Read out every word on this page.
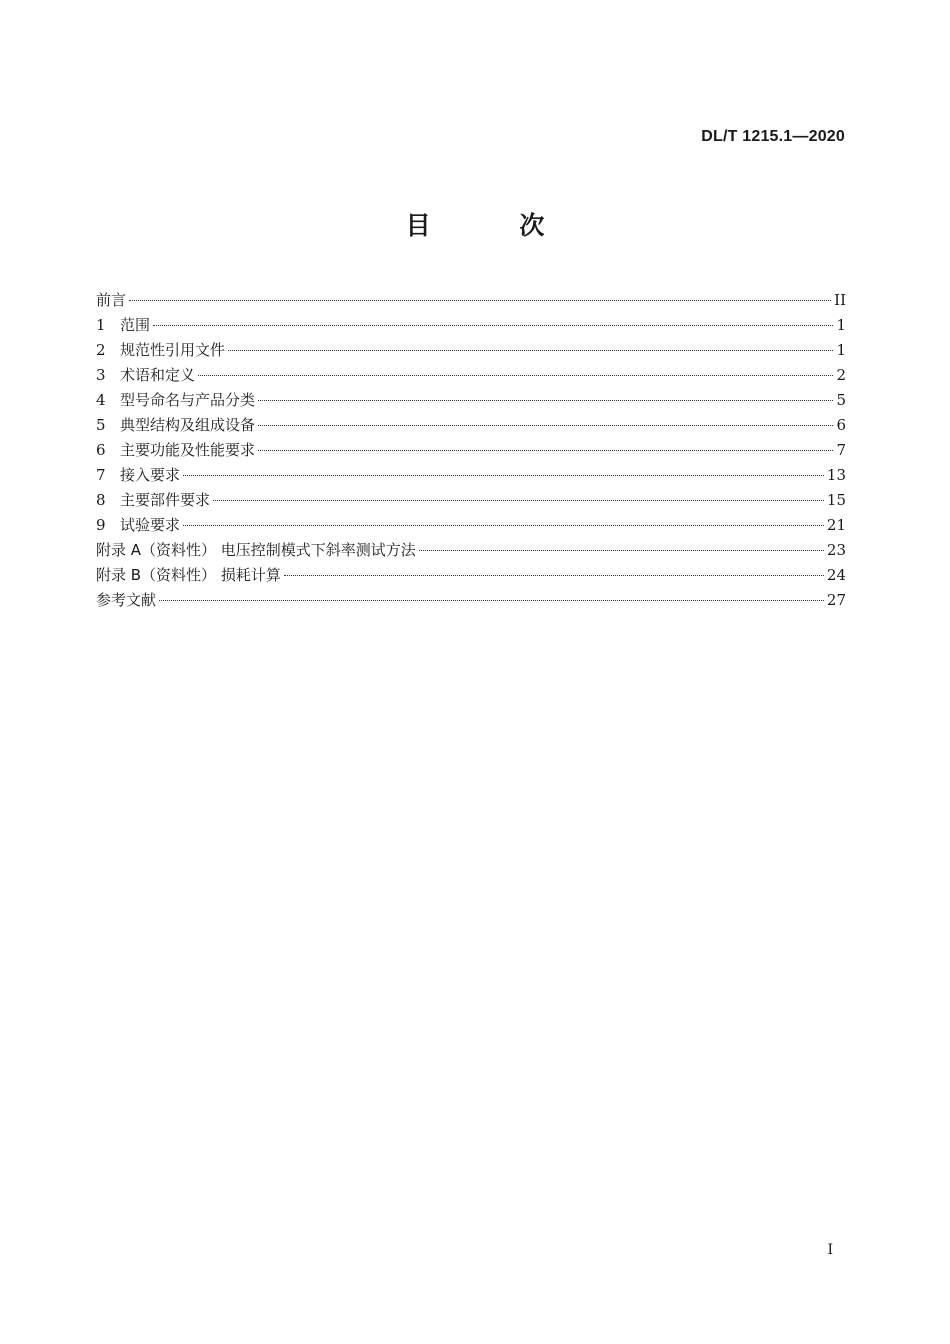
DL/T 1215.1—2020
目 次
前言	II
1 范围	1
2 规范性引用文件	1
3 术语和定义	2
4 型号命名与产品分类	5
5 典型结构及组成设备	6
6 主要功能及性能要求	7
7 接入要求	13
8 主要部件要求	15
9 试验要求	21
附录 A（资料性） 电压控制模式下斜率测试方法	23
附录 B（资料性） 损耗计算	24
参考文献	27
I
